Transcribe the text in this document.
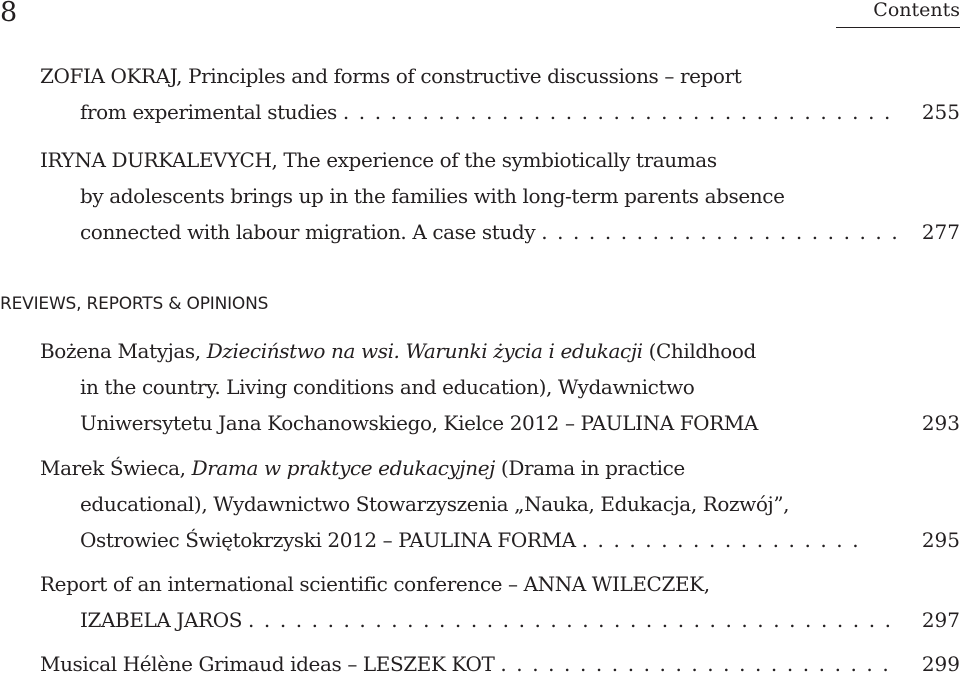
8	Contents
ZOFIA OKRAJ, Principles and forms of constructive discussions – report
from experimental studies . . . . . . . . . . . . . . . . . . . . . . . . . . . . . . . . . . . 255
IRYNA DURKALEVYCH, The experience of the symbiotically traumas
by adolescents brings up in the families with long-term parents absence
connected with labour migration. A case study . . . . . . . . . . . . . . . . . . . . . . . 277
REVIEWS, REPORTS & OPINIONS
Bożena Matyjas, Dzieciństwo na wsi. Warunki życia i edukacji (Childhood
in the country. Living conditions and education), Wydawnictwo
Uniwersytetu Jana Kochanowskiego, Kielce 2012 – PAULINA FORMA	293
Marek Świeca, Drama w praktyce edukacyjnej (Drama in practice
educational), Wydawnictwo Stowarzyszenia „Nauka, Edukacja, Rozwój”,
Ostrowiec Świętokrzyski 2012 – PAULINA FORMA . . . . . . . . . . . . . . . . . .	295
Report of an international scientific conference – ANNA WILECZEK,
IZABELA JAROS . . . . . . . . . . . . . . . . . . . . . . . . . . . . . . . . . . . . . . . . . 297
Musical Hélène Grimaud ideas – LESZEK KOT . . . . . . . . . . . . . . . . . . . . . . . . . 299
